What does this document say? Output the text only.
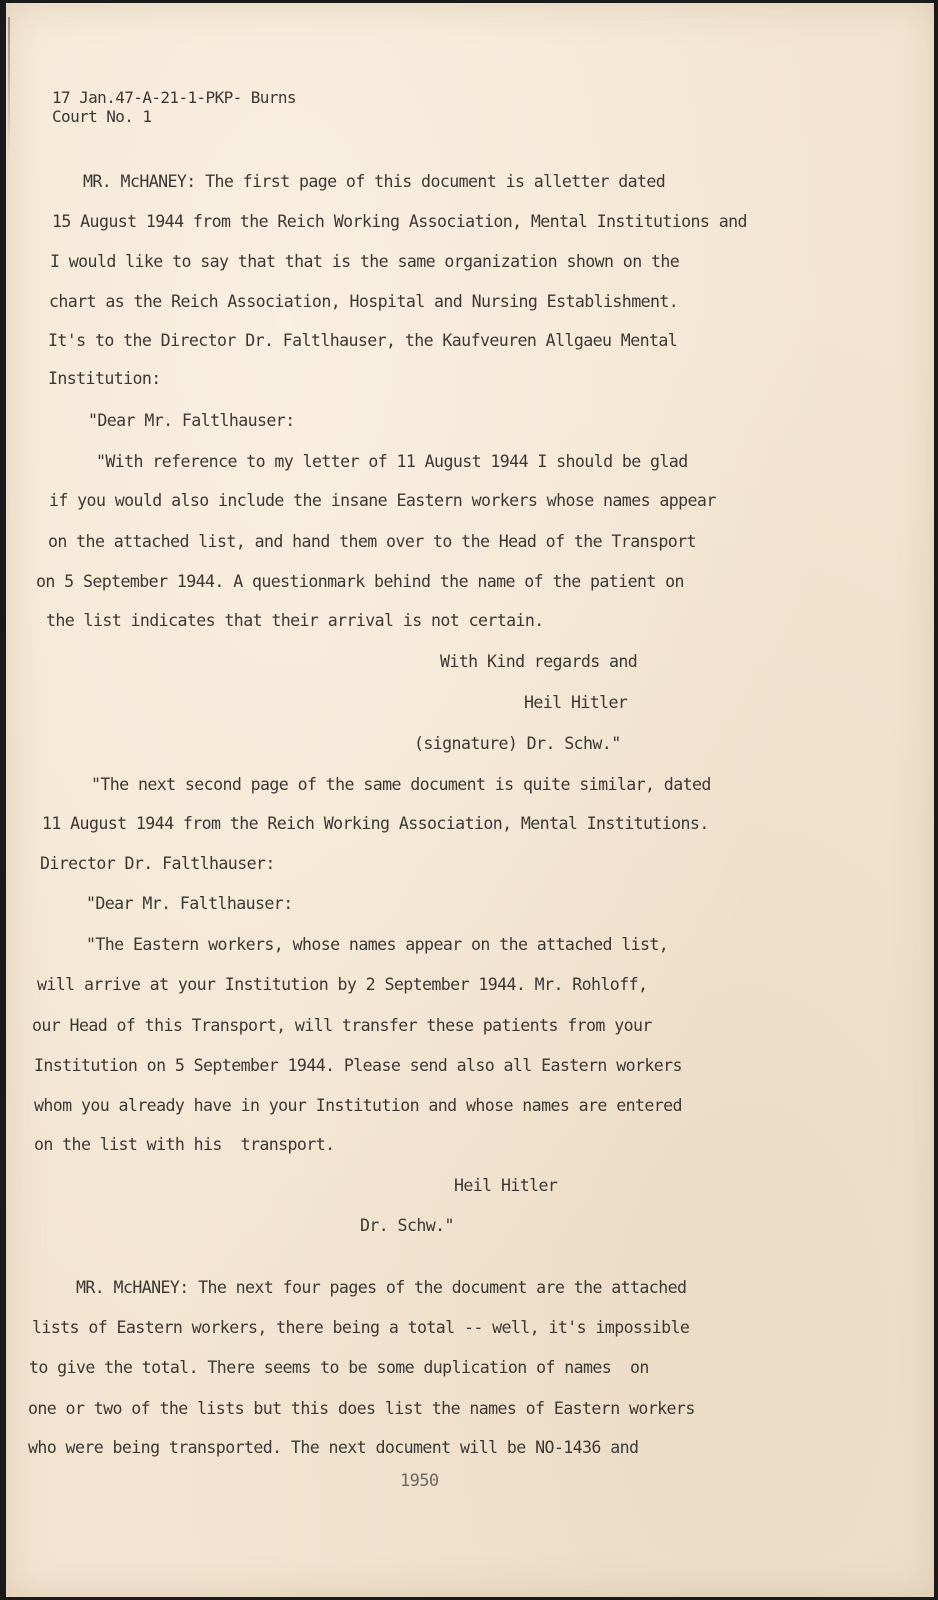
17 Jan.47-A-21-1-PKP- Burns
Court No. 1
MR. McHANEY: The first page of this document is alletter dated
15 August 1944 from the Reich Working Association, Mental Institutions and
I would like to say that that is the same organization shown on the
chart as the Reich Association, Hospital and Nursing Establishment.
It's to the Director Dr. Faltlhauser, the Kaufveuren Allgaeu Mental
Institution:
"Dear Mr. Faltlhauser:
"With reference to my letter of 11 August 1944 I should be glad
if you would also include the insane Eastern workers whose names appear
on the attached list, and hand them over to the Head of the Transport
on 5 September 1944. A questionmark behind the name of the patient on
the list indicates that their arrival is not certain.
With Kind regards and
Heil Hitler
(signature) Dr. Schw."
"The next second page of the same document is quite similar, dated
11 August 1944 from the Reich Working Association, Mental Institutions.
Director Dr. Faltlhauser:
"Dear Mr. Faltlhauser:
"The Eastern workers, whose names appear on the attached list,
will arrive at your Institution by 2 September 1944. Mr. Rohloff,
our Head of this Transport, will transfer these patients from your
Institution on 5 September 1944. Please send also all Eastern workers
whom you already have in your Institution and whose names are entered
on the list with his  transport.
Heil Hitler
Dr. Schw."
MR. McHANEY: The next four pages of the document are the attached
lists of Eastern workers, there being a total -- well, it's impossible
to give the total. There seems to be some duplication of names  on
one or two of the lists but this does list the names of Eastern workers
who were being transported. The next document will be NO-1436 and
1950
